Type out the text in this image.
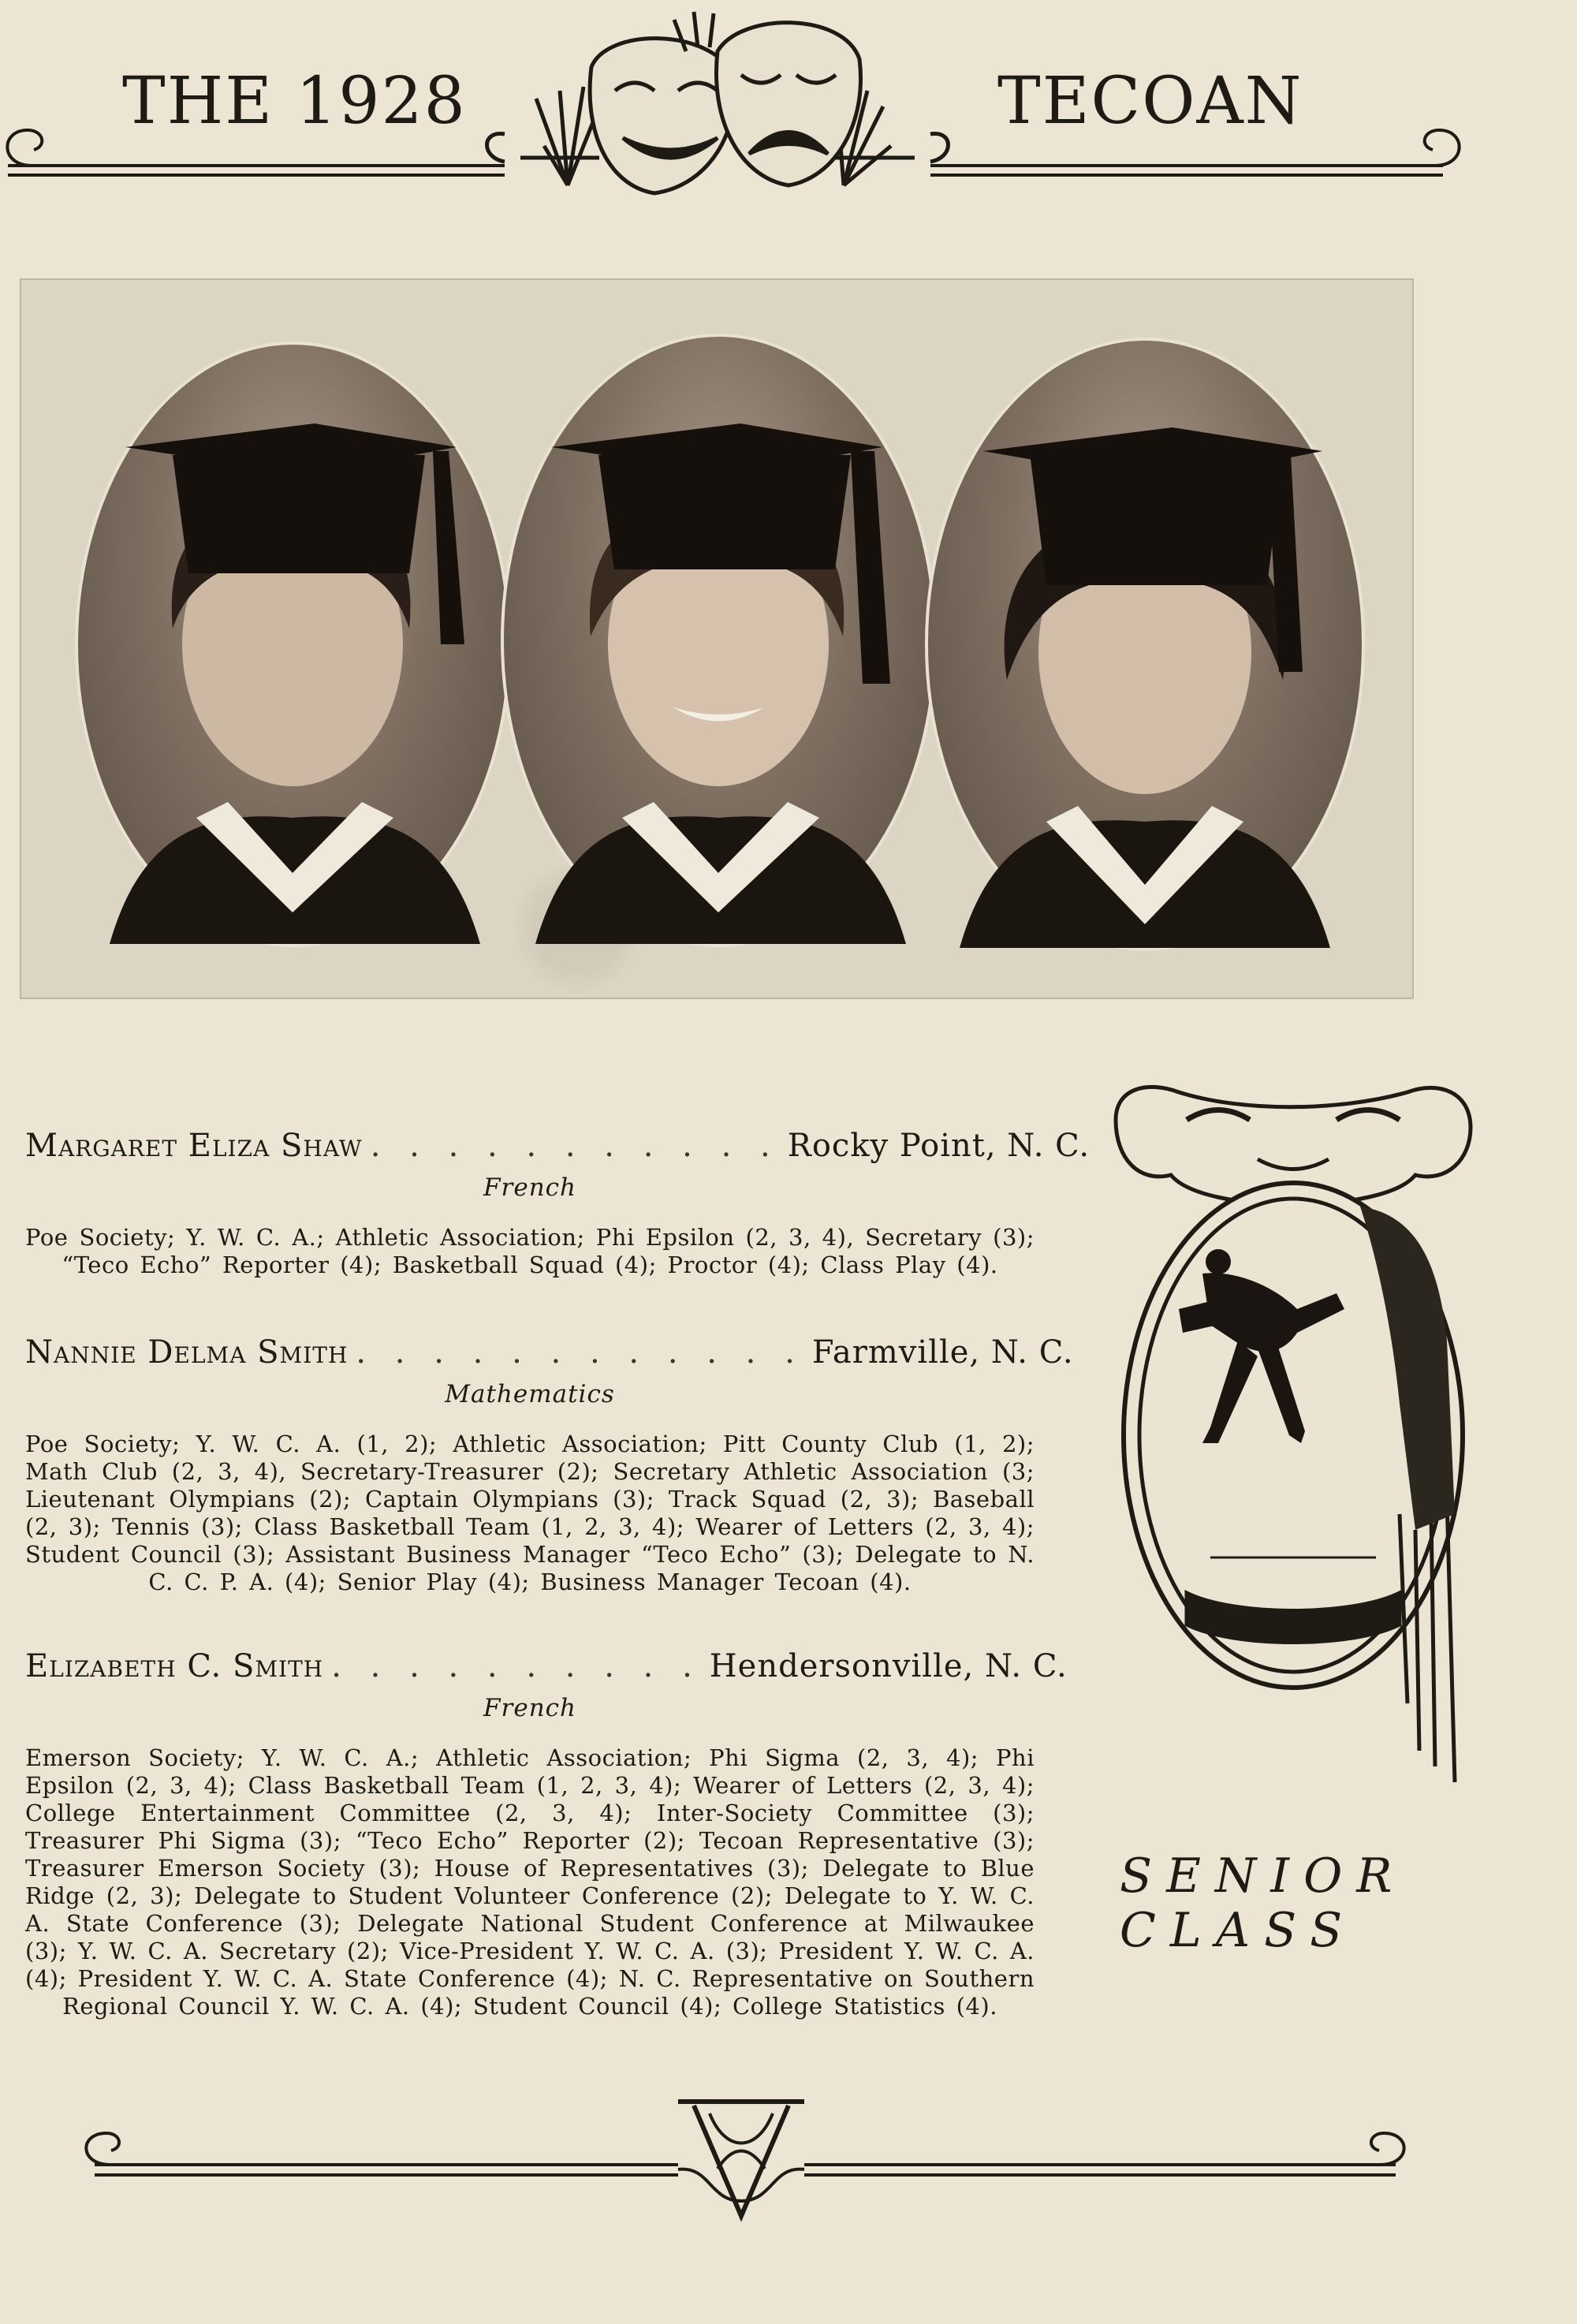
THE 1928	TECOAN
Margaret Eliza Shaw . . . . . . . . . . . Rocky Point, N. C.
French
Poe Society; Y. W. C. A.; Athletic Association; Phi Epsilon (2, 3, 4), Secretary (3); “Teco Echo” Reporter (4); Basketball Squad (4); Proctor (4); Class Play (4).
Nannie Delma Smith . . . . . . . . . . . . Farmville, N. C.
Mathematics
Poe Society; Y. W. C. A. (1, 2); Athletic Association; Pitt County Club (1, 2); Math Club (2, 3, 4), Secretary-Treasurer (2); Secretary Athletic Association (3; Lieutenant Olympians (2); Captain Olympians (3); Track Squad (2, 3); Baseball (2, 3); Tennis (3); Class Basketball Team (1, 2, 3, 4); Wearer of Letters (2, 3, 4); Student Council (3); Assistant Business Manager “Teco Echo” (3); Delegate to N. C. C. P. A. (4); Senior Play (4); Business Manager Tecoan (4).
Elizabeth C. Smith . . . . . . . . . . Hendersonville, N. C.
French
Emerson Society; Y. W. C. A.; Athletic Association; Phi Sigma (2, 3, 4); Phi Epsilon (2, 3, 4); Class Basketball Team (1, 2, 3, 4); Wearer of Letters (2, 3, 4); College Entertainment Committee (2, 3, 4); Inter-Society Committee (3); Treasurer Phi Sigma (3); “Teco Echo” Reporter (2); Tecoan Representative (3); Treasurer Emerson Society (3); House of Representatives (3); Delegate to Blue Ridge (2, 3); Delegate to Student Volunteer Conference (2); Delegate to Y. W. C. A. State Conference (3); Delegate National Student Conference at Milwaukee (3); Y. W. C. A. Secretary (2); Vice-President Y. W. C. A. (3); President Y. W. C. A. (4); President Y. W. C. A. State Conference (4); N. C. Representative on Southern Regional Council Y. W. C. A. (4); Student Council (4); College Statistics (4).
SENIOR
CLASS
